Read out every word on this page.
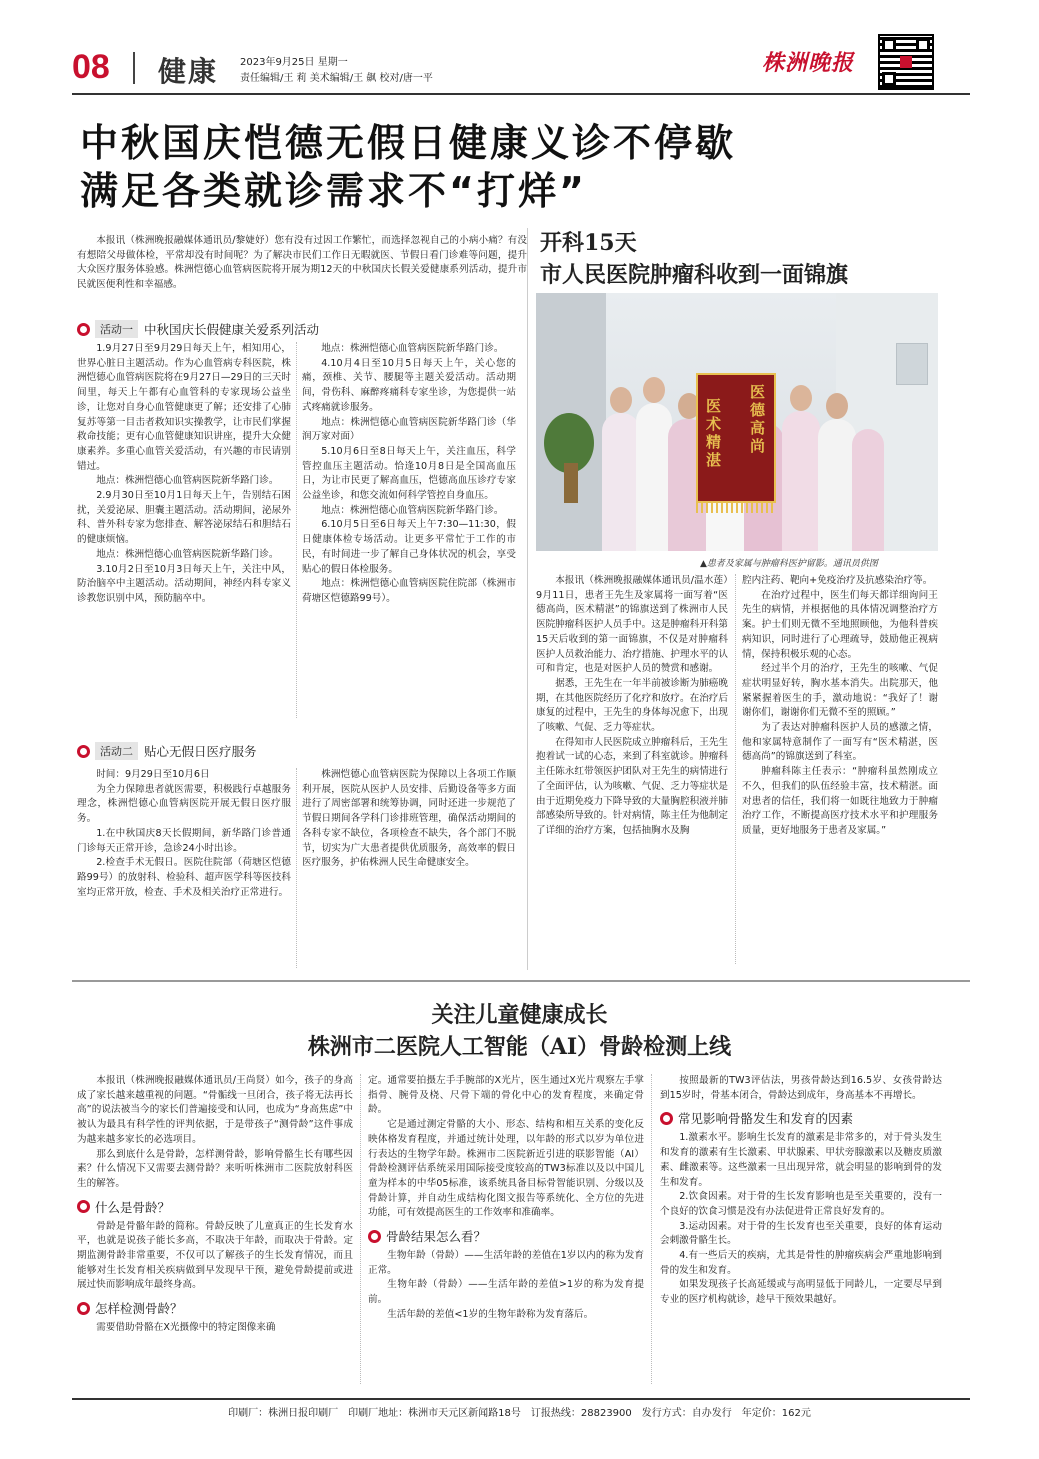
08 健康 2023年9月25日 星期一
责任编辑/王 莉 美术编辑/王 飙 校对/唐一平
株洲晚报
中秋国庆恺德无假日健康义诊不停歇
满足各类就诊需求不“打烊”

本报讯（株洲晚报融媒体通讯员/黎婕妤）您有没有过因工作繁忙，而选择忽视自己的小病小痛？有没有想陪父母做体检，平常却没有时间呢？为了解决市民们工作日无暇就医、节假日看门诊难等问题，提升大众医疗服务体验感。株洲恺德心血管病医院将开展为期12天的中秋国庆长假关爱健康系列活动，提升市民就医便利性和幸福感。

活动一 中秋国庆长假健康关爱系列活动

1.9月27日至9月29日每天上午，相知用心，世界心脏日主题活动。作为心血管病专科医院，株洲恺德心血管病医院将在9月27日—29日的三天时间里，每天上午都有心血管科的专家现场公益坐诊，让您对自身心血管健康更了解；还安排了心肺复苏等第一目击者救知识实操教学，让市民们掌握救命技能；更有心血管健康知识讲座，提升大众健康素养。多重心血管关爱活动，有兴趣的市民请别错过。

地点：株洲恺德心血管病医院新华路门诊。

2.9月30日至10月1日每天上午，告别结石困扰，关爱泌尿、胆囊主题活动。活动期间，泌尿外科、普外科专家为您排查、解答泌尿结石和胆结石的健康烦恼。

地点：株洲恺德心血管病医院新华路门诊。

3.10月2日至10月3日每天上午，关注中风，防治脑卒中主题活动。活动期间，神经内科专家义诊教您识别中风，预防脑卒中。

地点：株洲恺德心血管病医院新华路门诊。

4.10月4日至10月5日每天上午，关心您的痛，颈椎、关节、腰腿等主题关爱活动。活动期间，骨伤科、麻醉疼痛科专家坐诊，为您提供一站式疼痛就诊服务。

地点：株洲恺德心血管病医院新华路门诊（华润万家对面）

5.10月6日至8日每天上午，关注血压，科学管控血压主题活动。恰逢10月8日是全国高血压日，为让市民更了解高血压，恺德高血压诊疗专家公益坐诊，和您交流如何科学管控自身血压。

地点：株洲恺德心血管病医院新华路门诊。

6.10月5日至6日每天上午7:30—11:30，假日健康体检专场活动。让更多平常忙于工作的市民，有时间进一步了解自己身体状况的机会，享受贴心的假日体检服务。

地点：株洲恺德心血管病医院住院部（株洲市荷塘区恺德路99号）。

活动二 贴心无假日医疗服务

时间：9月29日至10月6日

为全力保障患者就医需要，积极践行卓越服务理念，株洲恺德心血管病医院开展无假日医疗服务。

1.在中秋国庆8天长假期间，新华路门诊普通门诊每天正常开诊，急诊24小时出诊。

2.检查手术无假日。医院住院部（荷塘区恺德路99号）的放射科、检验科、超声医学科等医技科室均正常开放，检查、手术及相关治疗正常进行。

株洲恺德心血管病医院为保障以上各项工作顺利开展，医院从医护人员安排、后勤设备等多方面进行了周密部署和统筹协调，同时还进一步规范了节假日期间各学科门诊排班管理，确保活动期间的各科专家不缺位，各项检查不缺失，各个部门不脱节，切实为广大患者提供优质服务，高效率的假日医疗服务，护佑株洲人民生命健康安全。

开科15天
市人民医院肿瘤科收到一面锦旗
医术精湛
医德高尚
▲患者及家属与肿瘤科医护留影。通讯员供图

本报讯（株洲晚报融媒体通讯员/温水莲）9月11日，患者王先生及家属将一面写着“医德高尚，医术精湛”的锦旗送到了株洲市人民医院肿瘤科医护人员手中。这是肿瘤科开科第15天后收到的第一面锦旗，不仅是对肿瘤科医护人员救治能力、治疗措施、护理水平的认可和肯定，也是对医护人员的赞赏和感谢。

据悉，王先生在一年半前被诊断为肺癌晚期，在其他医院经历了化疗和放疗。在治疗后康复的过程中，王先生的身体每况愈下，出现了咳嗽、气促、乏力等症状。

在得知市人民医院成立肿瘤科后，王先生抱着试一试的心态，来到了科室就诊。肿瘤科主任陈永红带领医护团队对王先生的病情进行了全面评估，认为咳嗽、气促、乏力等症状是由于近期免疫力下降导致的大量胸腔积液并肺部感染所导致的。针对病情，陈主任为他制定了详细的治疗方案，包括抽胸水及胸

腔内注药、靶向+免疫治疗及抗感染治疗等。

在治疗过程中，医生们每天都详细询问王先生的病情，并根据他的具体情况调整治疗方案。护士们则无微不至地照顾他，为他科普疾病知识，同时进行了心理疏导，鼓励他正视病情，保持积极乐观的心态。

经过半个月的治疗，王先生的咳嗽、气促症状明显好转，胸水基本消失。出院那天，他紧紧握着医生的手，激动地说：“我好了！谢谢你们，谢谢你们无微不至的照顾。”

为了表达对肿瘤科医护人员的感激之情，他和家属特意制作了一面写有“医术精湛，医德高尚”的锦旗送到了科室。

肿瘤科陈主任表示：“肿瘤科虽然刚成立不久，但我们的队伍经验丰富，技术精湛。面对患者的信任，我们将一如既往地致力于肿瘤治疗工作，不断提高医疗技术水平和护理服务质量，更好地服务于患者及家属。”

关注儿童健康成长
株洲市二医院人工智能（AI）骨龄检测上线

本报讯（株洲晚报融媒体通讯员/王尚贤）如今，孩子的身高成了家长越来越重视的问题。“骨骺线一旦闭合，孩子将无法再长高”的说法被当今的家长们普遍接受和认同，也成为“身高焦虑”中被认为最具有科学性的评判依据，于是带孩子“测骨龄”这件事成为越来越多家长的必选项目。

那么到底什么是骨龄，怎样测骨龄，影响骨骼生长有哪些因素？什么情况下又需要去测骨龄？来听听株洲市二医院放射科医生的解答。

什么是骨龄？

骨龄是骨骼年龄的简称。骨龄反映了儿童真正的生长发育水平，也就是说孩子能长多高，不取决于年龄，而取决于骨龄。定期监测骨龄非常重要，不仅可以了解孩子的生长发育情况，而且能够对生长发育相关疾病做到早发现早干预，避免骨龄提前或进展过快而影响成年最终身高。

怎样检测骨龄？

需要借助骨骼在X光摄像中的特定图像来确

定。通常要拍摄左手手腕部的X光片，医生通过X光片观察左手掌指骨、腕骨及桡、尺骨下端的骨化中心的发育程度，来确定骨龄。

它是通过测定骨骼的大小、形态、结构和相互关系的变化反映体格发育程度，并通过统计处理，以年龄的形式以岁为单位进行表达的生物学年龄。株洲市二医院新近引进的联影智能（AI）骨龄检测评估系统采用国际接受度较高的TW3标准以及以中国儿童为样本的中华05标准，该系统具备目标骨智能识别、分级以及骨龄计算，并自动生成结构化图文报告等系统化、全方位的先进功能，可有效提高医生的工作效率和准确率。

骨龄结果怎么看？

生物年龄（骨龄）——生活年龄的差值在1岁以内的称为发育正常。

生物年龄（骨龄）——生活年龄的差值>1岁的称为发育提前。

生活年龄的差值<1岁的生物年龄称为发育落后。

按照最新的TW3评估法，男孩骨龄达到16.5岁、女孩骨龄达到15岁时，骨基本闭合，骨龄达到成年，身高基本不再增长。

常见影响骨骼发生和发育的因素

1.激素水平。影响生长发育的激素是非常多的，对于骨头发生和发育的激素有生长激素、甲状腺素、甲状旁腺激素以及糖皮质激素、雌激素等。这些激素一旦出现异常，就会明显的影响到骨的发生和发育。

2.饮食因素。对于骨的生长发育影响也是至关重要的，没有一个良好的饮食习惯是没有办法促进骨正常良好发育的。

3.运动因素。对于骨的生长发育也至关重要，良好的体育运动会刺激骨骼生长。

4.有一些后天的疾病，尤其是骨性的肿瘤疾病会严重地影响到骨的发生和发育。

如果发现孩子长高延缓或与高明显低于同龄儿，一定要尽早到专业的医疗机构就诊，趁早干预效果越好。

印刷厂：株洲日报印刷厂　印刷厂地址：株洲市天元区新闻路18号　订报热线：28823900　发行方式：自办发行　年定价：162元
